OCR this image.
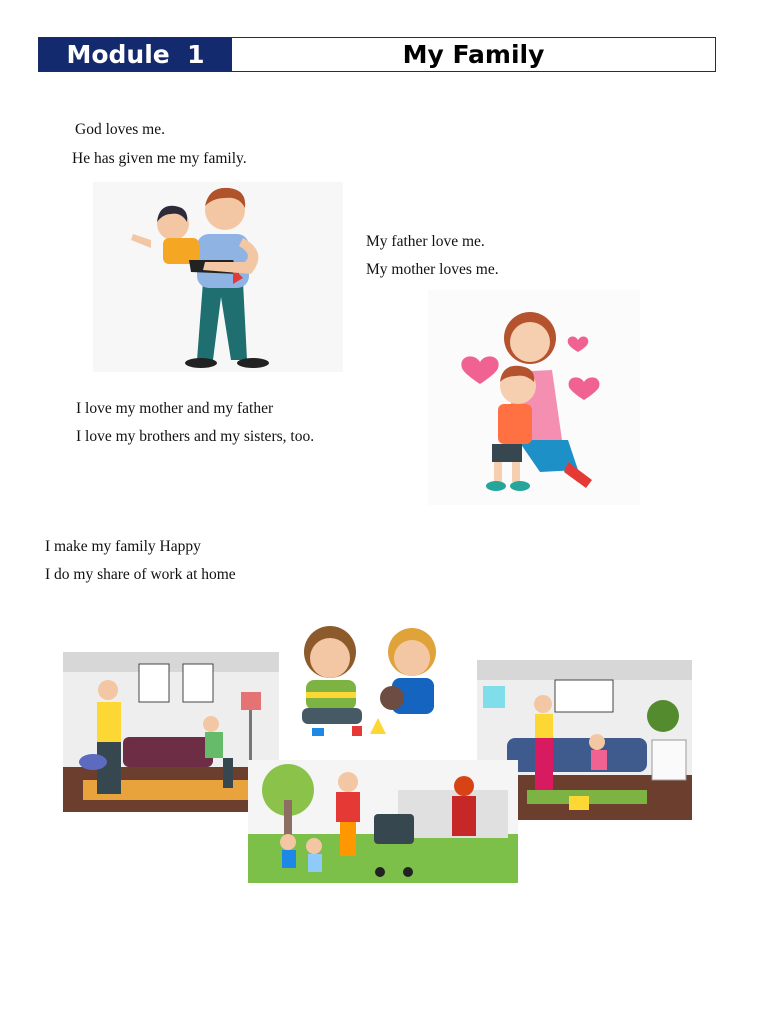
Module  1	My Family
God loves me.
He has given me my family.
My father love me.
My mother loves me.
I love my mother and my father
I love my brothers and my sisters, too.
I make my family Happy
I do my share of work at home
